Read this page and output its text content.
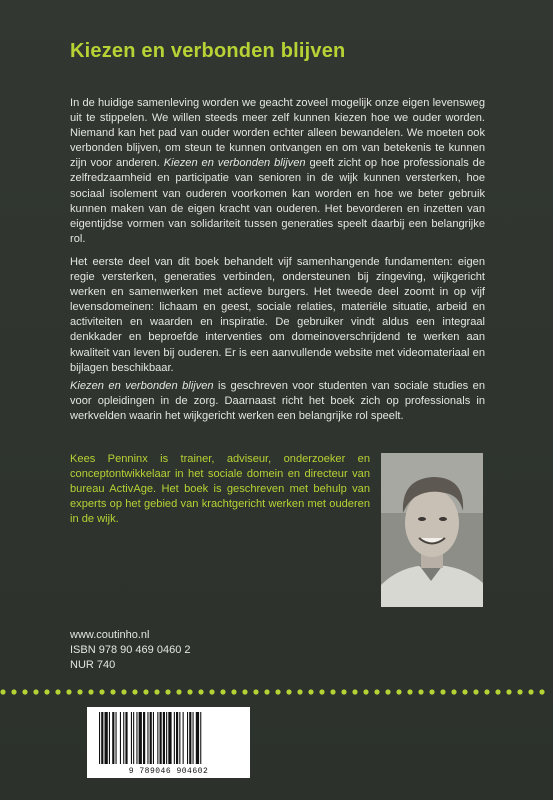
Kiezen en verbonden blijven
In de huidige samenleving worden we geacht zoveel mogelijk onze eigen levensweg uit te stippelen. We willen steeds meer zelf kunnen kiezen hoe we ouder worden. Niemand kan het pad van ouder worden echter alleen bewandelen. We moeten ook verbonden blijven, om steun te kunnen ontvangen en om van betekenis te kunnen zijn voor anderen. Kiezen en verbonden blijven geeft zicht op hoe professionals de zelfredzaamheid en participatie van senioren in de wijk kunnen versterken, hoe sociaal isolement van ouderen voorkomen kan worden en hoe we beter gebruik kunnen maken van de eigen kracht van ouderen. Het bevorderen en inzetten van eigentijdse vormen van solidariteit tussen generaties speelt daarbij een belangrijke rol.
Het eerste deel van dit boek behandelt vijf samenhangende fundamenten: eigen regie versterken, generaties verbinden, ondersteunen bij zingeving, wijkgericht werken en samenwerken met actieve burgers. Het tweede deel zoomt in op vijf levensdomeinen: lichaam en geest, sociale relaties, materiële situatie, arbeid en activiteiten en waarden en inspiratie. De gebruiker vindt aldus een integraal denkkader en beproefde interventies om domeinoverschrijdend te werken aan kwaliteit van leven bij ouderen. Er is een aanvullende website met videomateriaal en bijlagen beschikbaar.
Kiezen en verbonden blijven is geschreven voor studenten van sociale studies en voor opleidingen in de zorg. Daarnaast richt het boek zich op professionals in werkvelden waarin het wijkgericht werken een belangrijke rol speelt.
Kees Penninx is trainer, adviseur, onderzoeker en conceptontwikkelaar in het sociale domein en directeur van bureau ActivAge. Het boek is geschreven met behulp van experts op het gebied van krachtgericht werken met ouderen in de wijk.
www.coutinho.nl
ISBN 978 90 469 0460 2
NUR 740
9 789046 904602
